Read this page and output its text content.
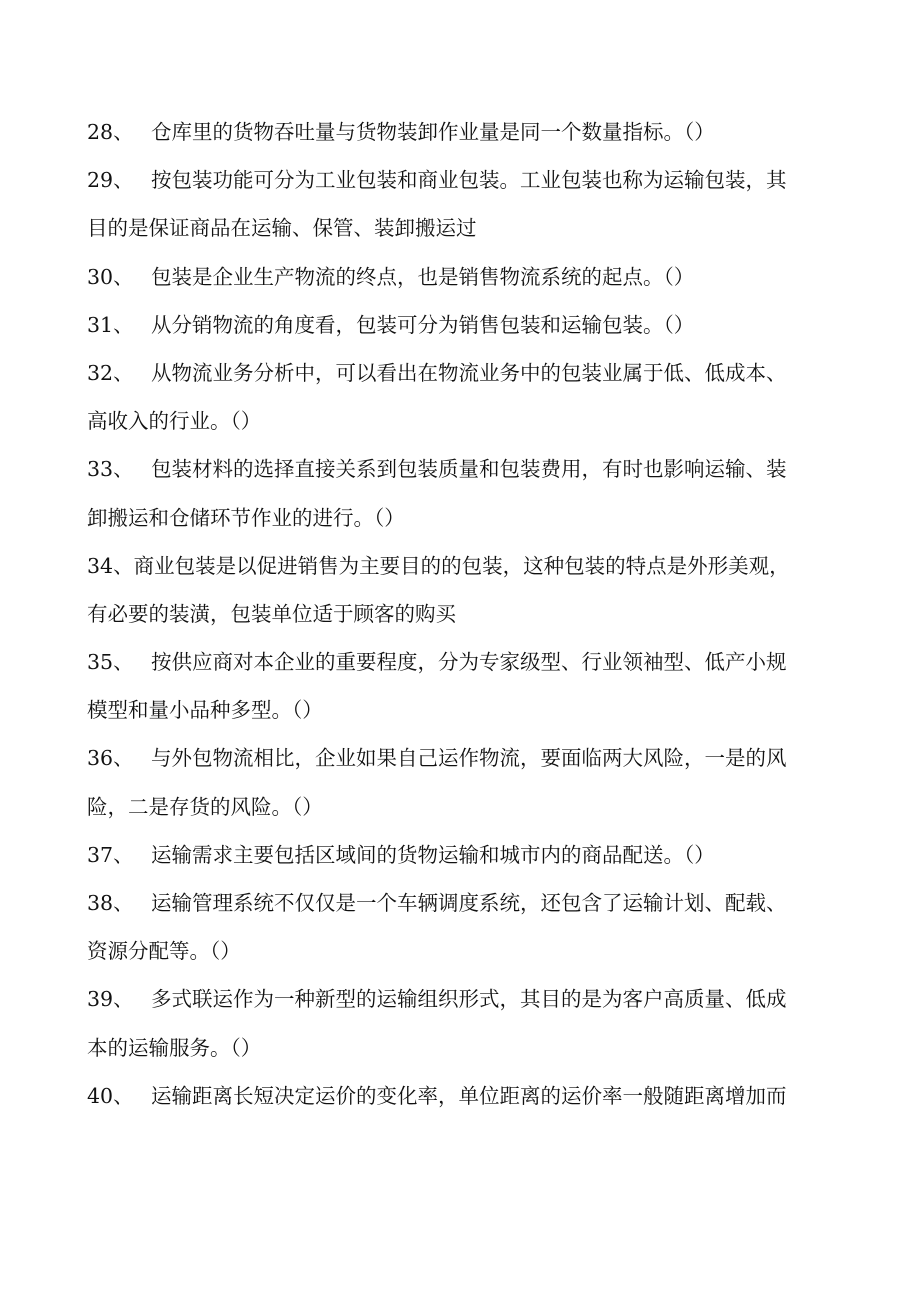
28、 仓库里的货物吞吐量与货物装卸作业量是同一个数量指标。（）
29、 按包装功能可分为工业包装和商业包装。工业包装也称为运输包装，其
目的是保证商品在运输、保管、装卸搬运过
30、 包装是企业生产物流的终点，也是销售物流系统的起点。（）
31、 从分销物流的角度看，包装可分为销售包装和运输包装。（）
32、 从物流业务分析中，可以看出在物流业务中的包装业属于低、低成本、
高收入的行业。（）
33、 包装材料的选择直接关系到包装质量和包装费用，有时也影响运输、装
卸搬运和仓储环节作业的进行。（）
34、商业包装是以促进销售为主要目的的包装，这种包装的特点是外形美观，
有必要的装潢，包装单位适于顾客的购买
35、 按供应商对本企业的重要程度，分为专家级型、行业领袖型、低产小规
模型和量小品种多型。（）
36、 与外包物流相比，企业如果自己运作物流，要面临两大风险，一是的风
险，二是存货的风险。（）
37、 运输需求主要包括区域间的货物运输和城市内的商品配送。（）
38、 运输管理系统不仅仅是一个车辆调度系统，还包含了运输计划、配载、
资源分配等。（）
39、 多式联运作为一种新型的运输组织形式，其目的是为客户高质量、低成
本的运输服务。（）
40、 运输距离长短决定运价的变化率，单位距离的运价率一般随距离增加而
